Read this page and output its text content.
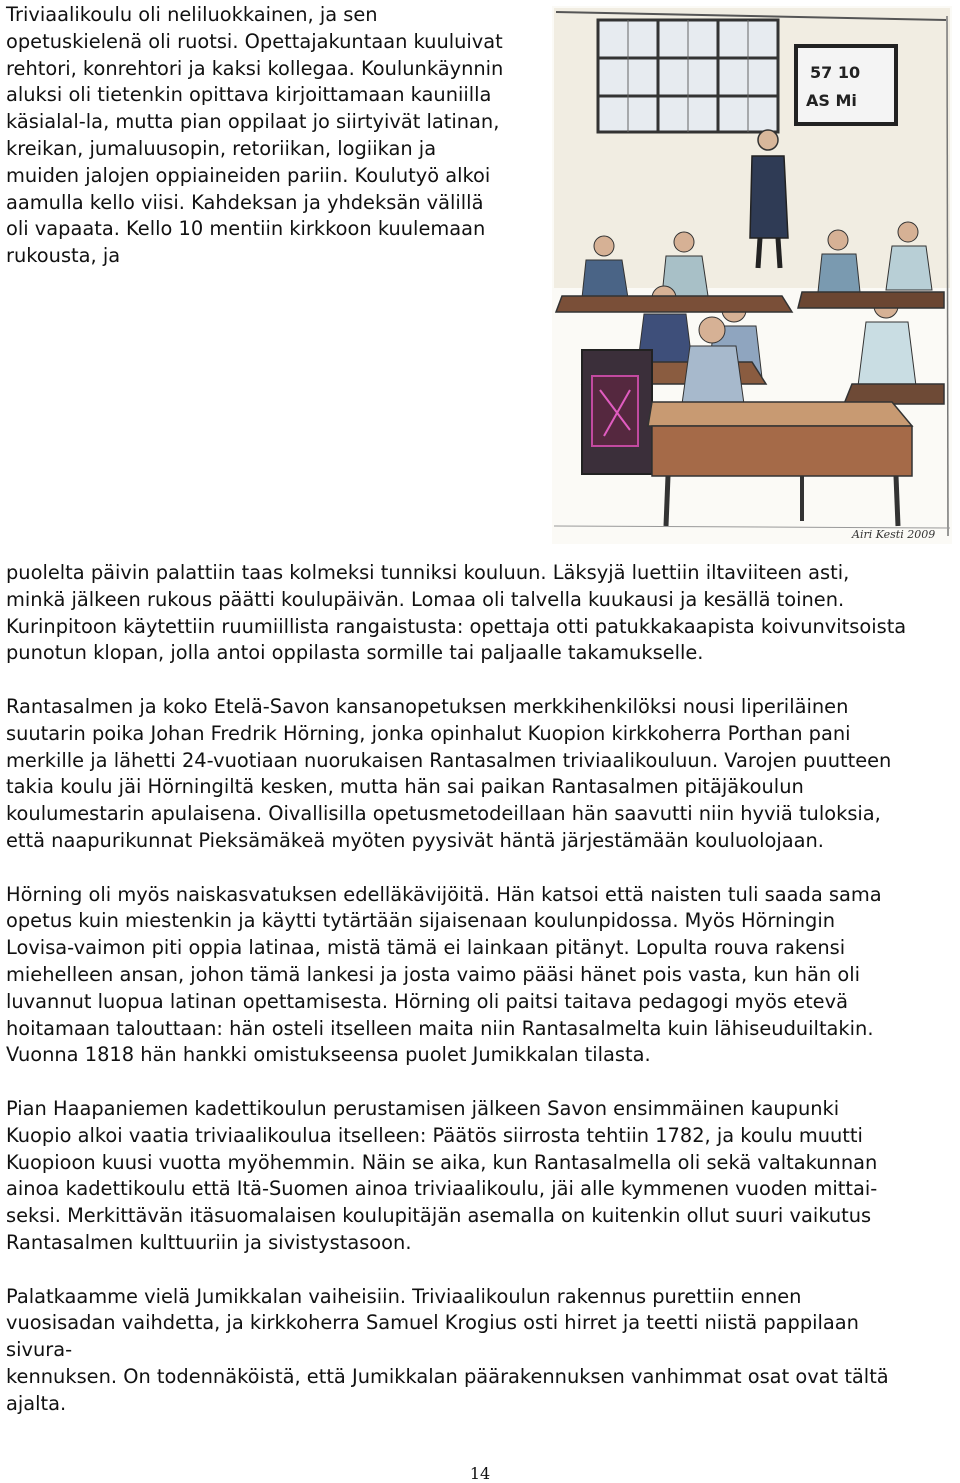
Triviaalikoulu oli neliluokkainen, ja sen
opetuskielenä oli ruotsi. Opettajakuntaan kuuluivat
rehtori, konrehtori ja kaksi kollegaa. Koulunkäynnin
aluksi oli tietenkin opittava kirjoittamaan kauniilla
käsialal-la, mutta pian oppilaat jo siirtyivät latinan,
kreikan, jumaluusopin, retoriikan, logiikan ja
muiden jalojen oppiaineiden pariin. Koulutyö alkoi
aamulla kello viisi. Kahdeksan ja yhdeksän välillä
oli vapaata. Kello 10 mentiin kirkkoon kuulemaan
rukousta, ja

57 10
AS Mi
Airi Kesti 2009

puolelta päivin palattiin taas kolmeksi tunniksi kouluun. Läksyjä luettiin iltaviiteen asti,
minkä jälkeen rukous päätti koulupäivän. Lomaa oli talvella kuukausi ja kesällä toinen.
Kurinpitoon käytettiin ruumiillista rangaistusta: opettaja otti patukkakaapista koivunvitsoista
punotun klopan, jolla antoi oppilasta sormille tai paljaalle takamukselle.

Rantasalmen ja koko Etelä-Savon kansanopetuksen merkkihenkilöksi nousi liperiläinen
suutarin poika Johan Fredrik Hörning, jonka opinhalut Kuopion kirkkoherra Porthan pani
merkille ja lähetti 24-vuotiaan nuorukaisen Rantasalmen triviaalikouluun. Varojen puutteen
takia koulu jäi Hörningiltä kesken, mutta hän sai paikan Rantasalmen pitäjäkoulun
koulumestarin apulaisena. Oivallisilla opetusmetodeillaan hän saavutti niin hyviä tuloksia,
että naapurikunnat Pieksämäkeä myöten pyysivät häntä järjestämään kouluolojaan.

Hörning oli myös naiskasvatuksen edelläkävijöitä. Hän katsoi että naisten tuli saada sama
opetus kuin miestenkin ja käytti tytärtään sijaisenaan koulunpidossa. Myös Hörningin
Lovisa-vaimon piti oppia latinaa, mistä tämä ei lainkaan pitänyt. Lopulta rouva rakensi
miehelleen ansan, johon tämä lankesi ja josta vaimo pääsi hänet pois vasta, kun hän oli
luvannut luopua latinan opettamisesta. Hörning oli paitsi taitava pedagogi myös etevä
hoitamaan talouttaan: hän osteli itselleen maita niin Rantasalmelta kuin lähiseuduiltakin.
Vuonna 1818 hän hankki omistukseensa puolet Jumikkalan tilasta.

Pian Haapaniemen kadettikoulun perustamisen jälkeen Savon ensimmäinen kaupunki
Kuopio alkoi vaatia triviaalikoulua itselleen: Päätös siirrosta tehtiin 1782, ja koulu muutti
Kuopioon kuusi vuotta myöhemmin. Näin se aika, kun Rantasalmella oli sekä valtakunnan
ainoa kadettikoulu että Itä-Suomen ainoa triviaalikoulu, jäi alle kymmenen vuoden mittai-
seksi. Merkittävän itäsuomalaisen koulupitäjän asemalla on kuitenkin ollut suuri vaikutus
Rantasalmen kulttuuriin ja sivistystasoon.

Palatkaamme vielä Jumikkalan vaiheisiin. Triviaalikoulun rakennus purettiin ennen
vuosisadan vaihdetta, ja kirkkoherra Samuel Krogius osti hirret ja teetti niistä pappilaan
sivura-
kennuksen. On todennäköistä, että Jumikkalan päärakennuksen vanhimmat osat ovat tältä
ajalta.

14
